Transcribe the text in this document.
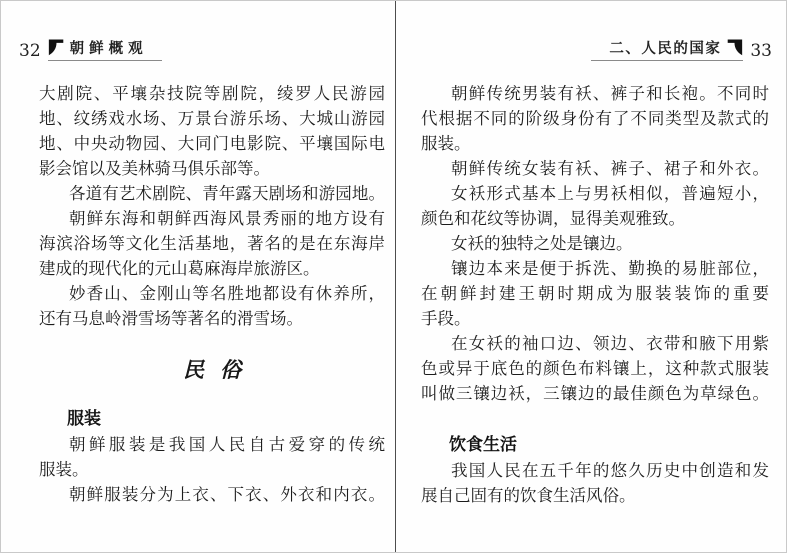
32 朝鲜概观	二、人民的国家 33
大剧院、平壤杂技院等剧院，绫罗人民游园
地、纹绣戏水场、万景台游乐场、大城山游园
地、中央动物园、大同门电影院、平壤国际电
影会馆以及美林骑马俱乐部等。
各道有艺术剧院、青年露天剧场和游园地。
朝鲜东海和朝鲜西海风景秀丽的地方设有
海滨浴场等文化生活基地，著名的是在东海岸
建成的现代化的元山葛麻海岸旅游区。
妙香山、金刚山等名胜地都设有休养所，
还有马息岭滑雪场等著名的滑雪场。
民俗
服装
朝鲜服装是我国人民自古爱穿的传统
服装。
朝鲜服装分为上衣、下衣、外衣和内衣。
朝鲜传统男装有袄、裤子和长袍。不同时
代根据不同的阶级身份有了不同类型及款式的
服装。
朝鲜传统女装有袄、裤子、裙子和外衣。
女袄形式基本上与男袄相似，普遍短小，
颜色和花纹等协调，显得美观雅致。
女袄的独特之处是镶边。
镶边本来是便于拆洗、勤换的易脏部位，
在朝鲜封建王朝时期成为服装装饰的重要
手段。
在女袄的袖口边、领边、衣带和腋下用紫
色或异于底色的颜色布料镶上，这种款式服装
叫做三镶边袄，三镶边的最佳颜色为草绿色。
饮食生活
我国人民在五千年的悠久历史中创造和发
展自己固有的饮食生活风俗。
